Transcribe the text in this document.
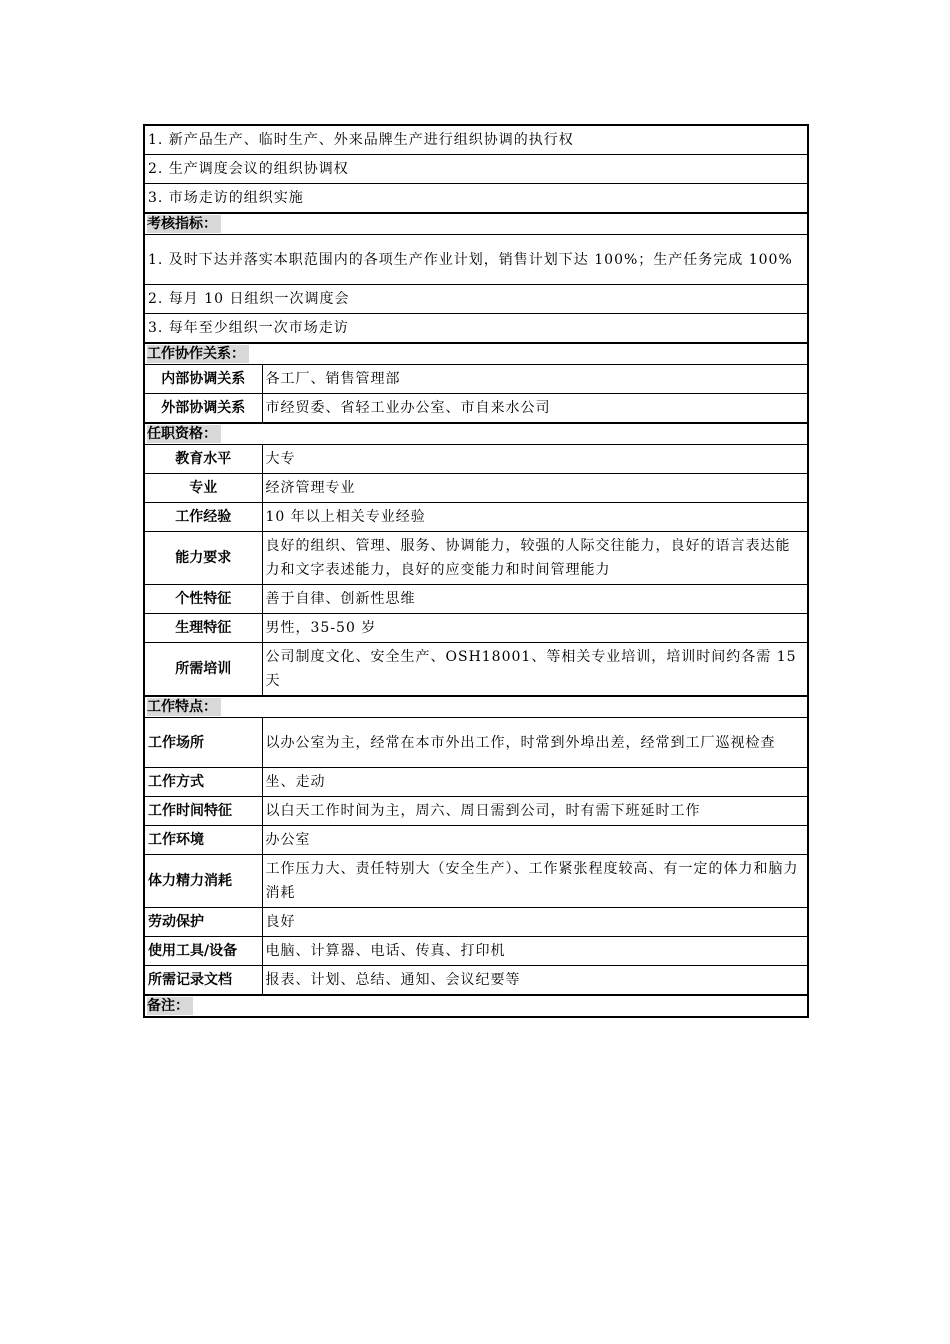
1. 新产品生产、临时生产、外来品牌生产进行组织协调的执行权	
2. 生产调度会议的组织协调权	
3. 市场走访的组织实施	
考核指标：	
1. 及时下达并落实本职范围内的各项生产作业计划，销售计划下达 100%；生产任务完成 100%	
2. 每月 10 日组织一次调度会	
3. 每年至少组织一次市场走访	
工作协作关系：	
内部协调关系	各工厂、销售管理部
外部协调关系	市经贸委、省轻工业办公室、市自来水公司
任职资格：	
教育水平	大专
专业	经济管理专业
工作经验	10 年以上相关专业经验
能力要求	良好的组织、管理、服务、协调能力，较强的人际交往能力，良好的语言表达能力和文字表述能力，良好的应变能力和时间管理能力
个性特征	善于自律、创新性思维
生理特征	男性，35-50 岁
所需培训	公司制度文化、安全生产、OSH18001、等相关专业培训，培训时间约各需 15 天
工作特点：	
工作场所	以办公室为主，经常在本市外出工作，时常到外埠出差，经常到工厂巡视检查
工作方式	坐、走动
工作时间特征	以白天工作时间为主，周六、周日需到公司，时有需下班延时工作
工作环境	办公室
体力精力消耗	工作压力大、责任特别大（安全生产）、工作紧张程度较高、有一定的体力和脑力消耗
劳动保护	良好
使用工具/设备	电脑、计算器、电话、传真、打印机
所需记录文档	报表、计划、总结、通知、会议纪要等
备注：	
